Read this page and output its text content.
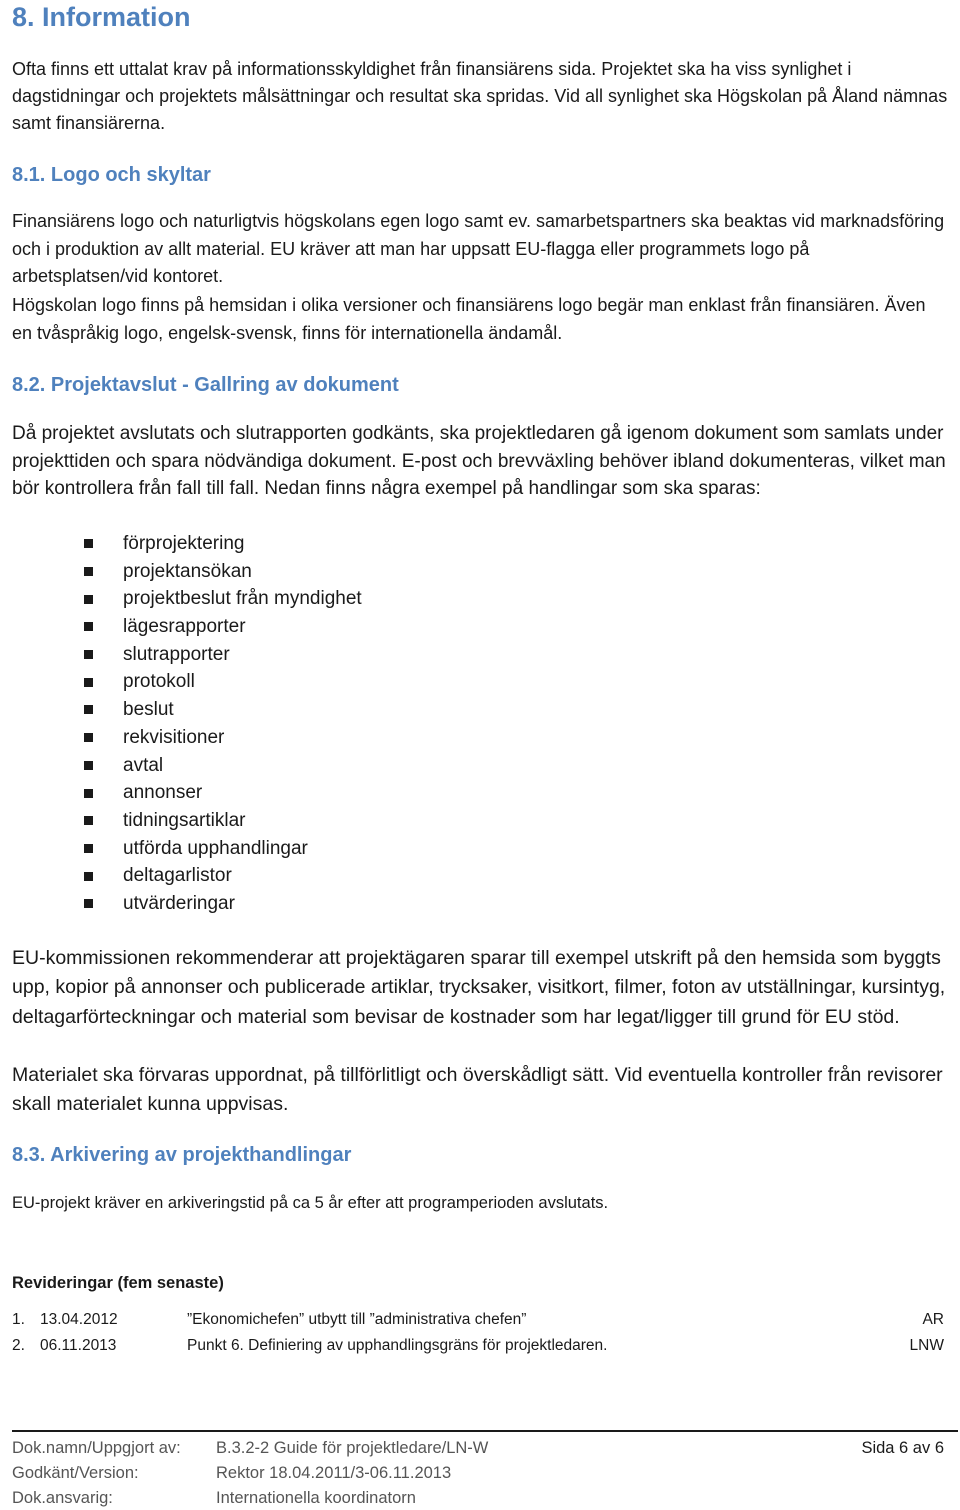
8. Information

Ofta finns ett uttalat krav på informationsskyldighet från finansiärens sida. Projektet ska ha viss synlighet i dagstidningar och projektets målsättningar och resultat ska spridas. Vid all synlighet ska Högskolan på Åland nämnas samt finansiärerna.

8.1. Logo och skyltar

Finansiärens logo och naturligtvis högskolans egen logo samt ev. samarbetspartners ska beaktas vid marknadsföring och i produktion av allt material. EU kräver att man har uppsatt EU-flagga eller programmets logo på arbetsplatsen/vid kontoret.

Högskolan logo finns på hemsidan i olika versioner och finansiärens logo begär man enklast från finansiären. Även en tvåspråkig logo, engelsk-svensk, finns för internationella ändamål.

8.2. Projektavslut - Gallring av dokument

Då projektet avslutats och slutrapporten godkänts, ska projektledaren gå igenom dokument som samlats under projekttiden och spara nödvändiga dokument. E-post och brevväxling behöver ibland dokumenteras, vilket man bör kontrollera från fall till fall. Nedan finns några exempel på handlingar som ska sparas:

förprojektering
projektansökan
projektbeslut från myndighet
lägesrapporter
slutrapporter
protokoll
beslut
rekvisitioner
avtal
annonser
tidningsartiklar
utförda upphandlingar
deltagarlistor
utvärderingar

EU-kommissionen rekommenderar att projektägaren sparar till exempel utskrift på den hemsida som byggts upp, kopior på annonser och publicerade artiklar, trycksaker, visitkort, filmer, foton av utställningar, kursintyg, deltagarförteckningar och material som bevisar de kostnader som har legat/ligger till grund för EU stöd.

Materialet ska förvaras uppordnat, på tillförlitligt och överskådligt sätt. Vid eventuella kontroller från revisorer skall materialet kunna uppvisas.

8.3. Arkivering av projekthandlingar

EU-projekt kräver en arkiveringstid på ca 5 år efter att programperioden avslutats.

Revideringar (fem senaste)

1. 13.04.2012	”Ekonomichefen” utbytt till ”administrativa chefen”	AR
2. 06.11.2013	Punkt 6. Definiering av upphandlingsgräns för projektledaren.	LNW
Dok.namn/Uppgjort av: B.3.2-2 Guide för projektledare/LN-W	Sida 6 av 6
Godkänt/Version:	Rektor 18.04.2011/3-06.11.2013
Dok.ansvarig:	Internationella koordinatorn
